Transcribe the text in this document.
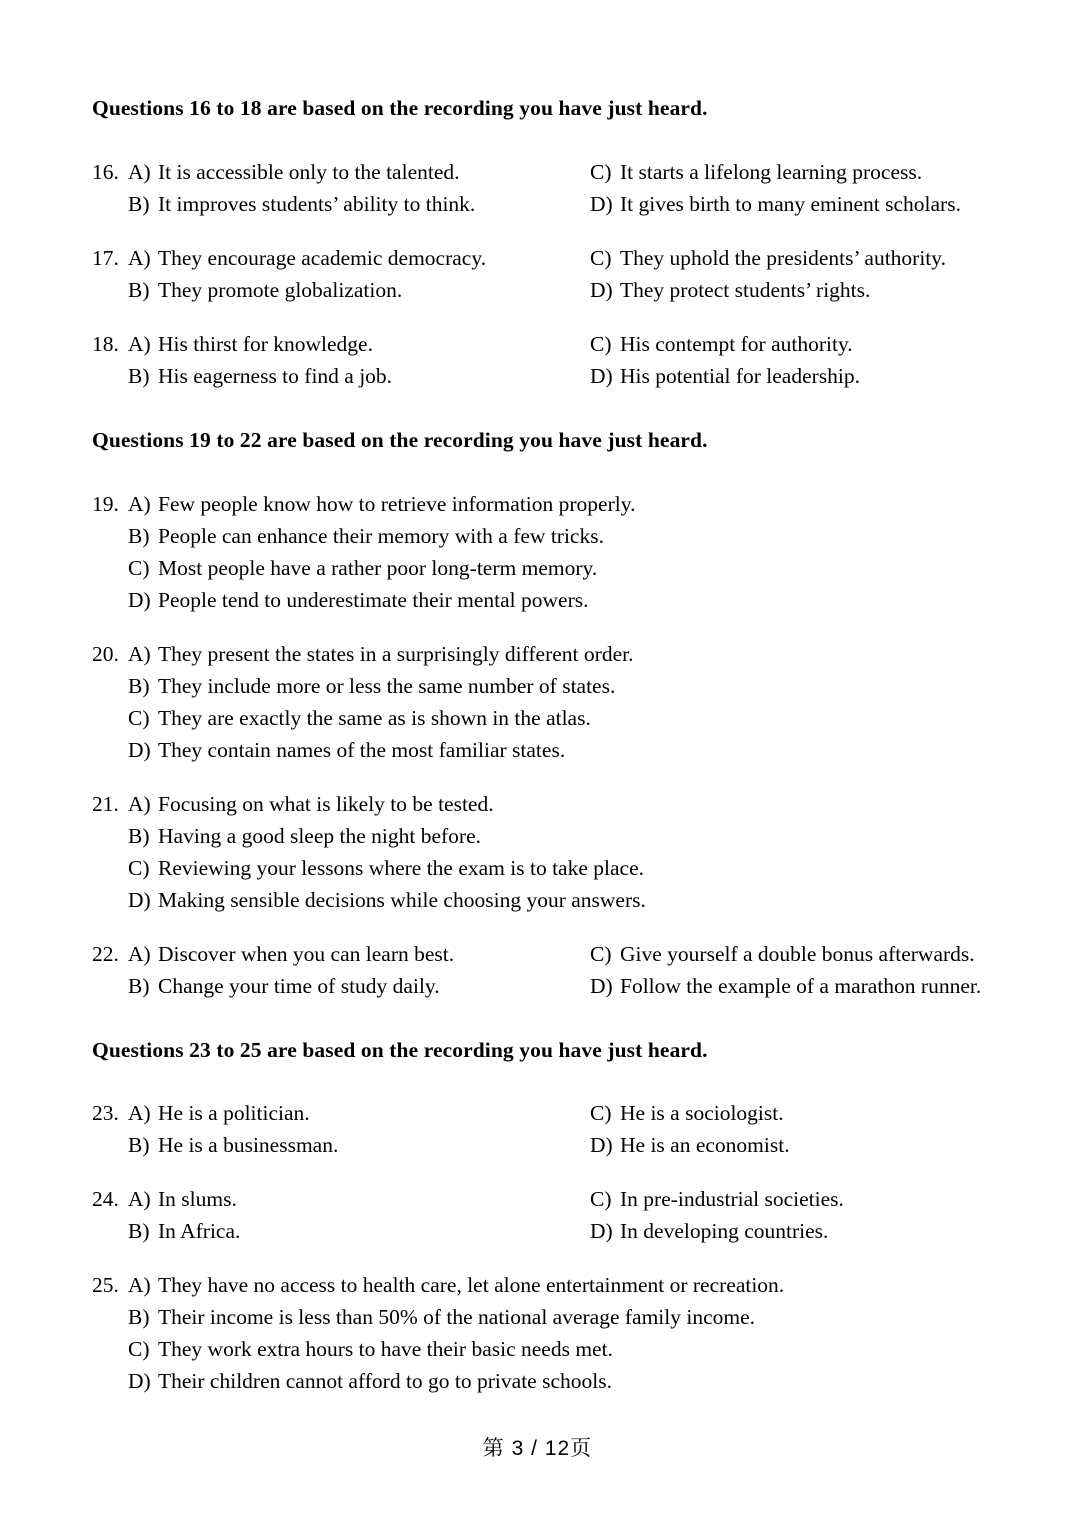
Questions 16 to 18 are based on the recording you have just heard.
16. A) It is accessible only to the talented.	C) It starts a lifelong learning process.
B) It improves students’ ability to think.	D) It gives birth to many eminent scholars.
17. A) They encourage academic democracy.	C) They uphold the presidents’ authority.
B) They promote globalization.	D) They protect students’ rights.
18. A) His thirst for knowledge.	C) His contempt for authority.
B) His eagerness to find a job.	D) His potential for leadership.
Questions 19 to 22 are based on the recording you have just heard.
19. A) Few people know how to retrieve information properly.
B) People can enhance their memory with a few tricks.
C) Most people have a rather poor long-term memory.
D) People tend to underestimate their mental powers.
20. A) They present the states in a surprisingly different order.
B) They include more or less the same number of states.
C) They are exactly the same as is shown in the atlas.
D) They contain names of the most familiar states.
21. A) Focusing on what is likely to be tested.
B) Having a good sleep the night before.
C) Reviewing your lessons where the exam is to take place.
D) Making sensible decisions while choosing your answers.
22. A) Discover when you can learn best.	C) Give yourself a double bonus afterwards.
B) Change your time of study daily.	D) Follow the example of a marathon runner.
Questions 23 to 25 are based on the recording you have just heard.
23. A) He is a politician.	C) He is a sociologist.
B) He is a businessman.	D) He is an economist.
24. A) In slums.	C) In pre-industrial societies.
B) In Africa.	D) In developing countries.
25. A) They have no access to health care, let alone entertainment or recreation.
B) Their income is less than 50% of the national average family income.
C) They work extra hours to have their basic needs met.
D) Their children cannot afford to go to private schools.
第 3 / 12页
